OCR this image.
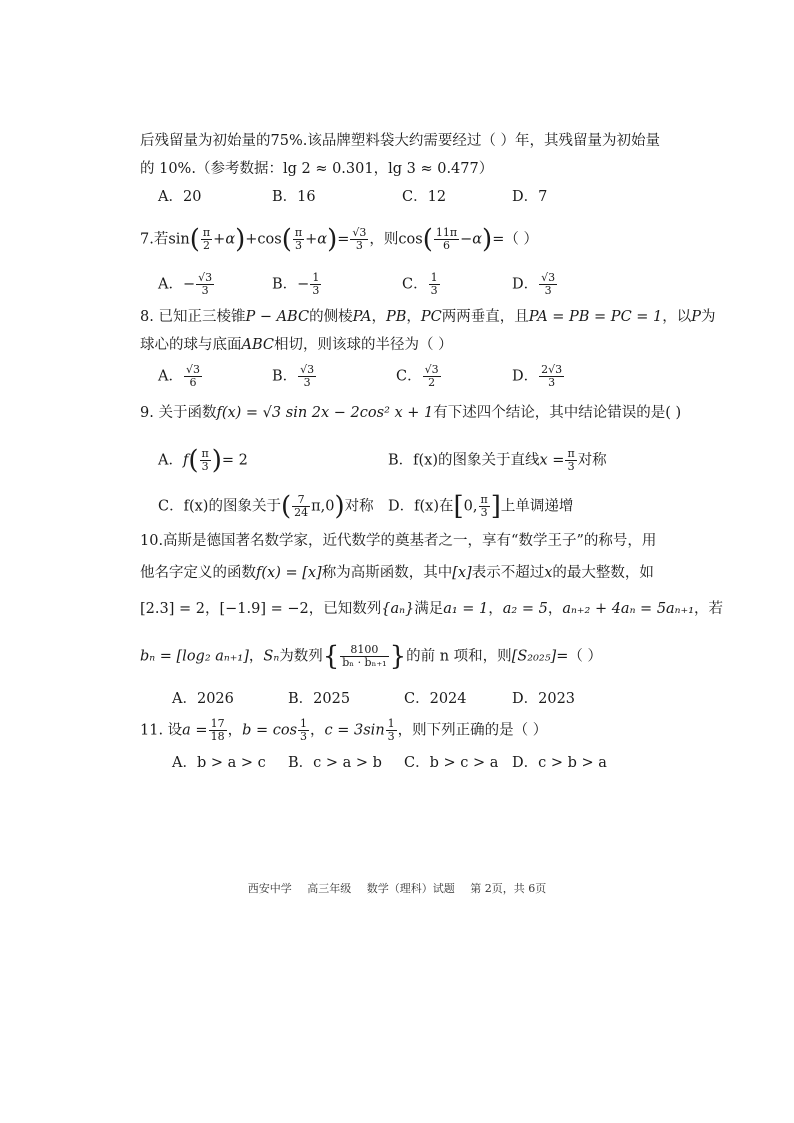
后残留量为初始量的75%.该品牌塑料袋大约需要经过（ ）年，其残留量为初始量
的 10%.（参考数据：lg 2 ≈ 0.301，lg 3 ≈ 0.477）
A．20	B．16	C．12	D．7
7.若$\sin( \frac{\pi}{2} +\alpha)+\cos( \frac{\pi}{3} +\alpha)= \frac{√3}{3}$ ，则$\cos( \frac{11\pi}{6} -\alpha)=$（ ）
A．− $\frac{√3}{3}$	B．− $\frac{1}{3}$	C． $\frac{1}{3}$	D． $\frac{√3}{3}$
8. 已知正三棱锥P − ABC的侧棱PA，PB，PC两两垂直，且PA = PB = PC = 1，以P为
球心的球与底面ABC相切，则该球的半径为（ ）
A． $\frac{√3}{6}$	B． $\frac{√3}{3}$	C． $\frac{√3}{2}$	D． $\frac{2√3}{3}$
9. 关于函数f(x) = √3 sin 2x − 2cos² x + 1有下述四个结论，其中结论错误的是( )
A．$f( \frac{\pi}{3}$ )= 2	B．f(x)的图象关于直线$x = \frac{\pi}{3}$ 对称
C．f(x)的图象关于( $\frac{7}{24} \pi,0$)对称 D．f(x)在[0, $\frac{\pi}{3}$ ]上单调递增
10.高斯是德国著名数学家，近代数学的奠基者之一，享有“数学王子”的称号，用
他名字定义的函数f(x) = [x]称为高斯函数，其中[x]表示不超过x的最大整数，如
[2.3] = 2，[−1.9] = −2，已知数列{aₙ}满足a₁ = 1，a₂ = 5，aₙ₊₂ + 4aₙ = 5aₙ₊₁，若
bₙ = [log₂ aₙ₊₁]，Sₙ为数列{ $\frac{8100}{\text{bₙ · bₙ₊₁}}$ }的前 n 项和，则[S₂₀₂₅]=（ ）
A．2026	B．2025	C．2024	D．2023
11. 设$a = \frac{17}{18}$ ，$b = \cos \frac{1}{3}$ ，$c = 3\sin \frac{1}{3}$ ，则下列正确的是（ ）
A．b > a > c B．c > a > b C．b > c > a D．c > b > a
西安中学 高三年级 数学（理科）试题 第 2页，共 6页
